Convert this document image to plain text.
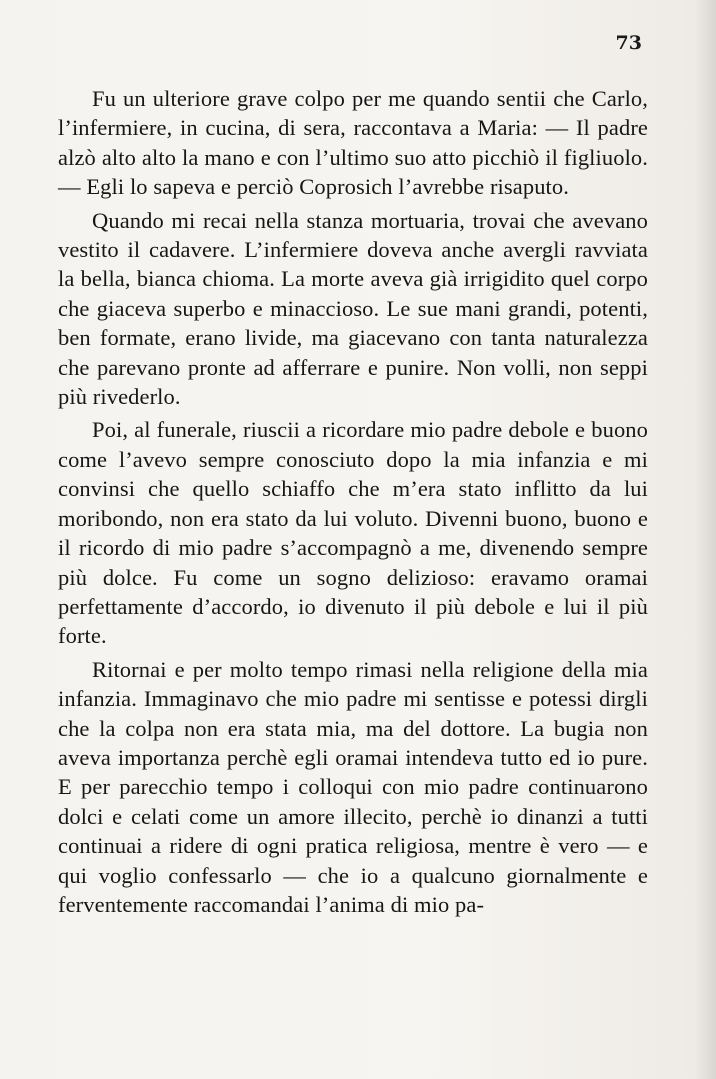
73

Fu un ulteriore grave colpo per me quando sentii che Carlo, l’infermiere, in cucina, di sera, raccontava a Maria: — Il padre alzò alto alto la mano e con l’ultimo suo atto picchiò il figliuolo. — Egli lo sapeva e perciò Coprosich l’avrebbe risaputo.

Quando mi recai nella stanza mortuaria, trovai che avevano vestito il cadavere. L’infermiere doveva anche avergli ravviata la bella, bianca chioma. La morte aveva già irrigidito quel corpo che giaceva superbo e minaccioso. Le sue mani grandi, potenti, ben formate, erano livide, ma giacevano con tanta naturalezza che parevano pronte ad afferrare e punire. Non volli, non seppi più rivederlo.

Poi, al funerale, riuscii a ricordare mio padre debole e buono come l’avevo sempre conosciuto dopo la mia infanzia e mi convinsi che quello schiaffo che m’era stato inflitto da lui moribondo, non era stato da lui voluto. Divenni buono, buono e il ricordo di mio padre s’accompagnò a me, divenendo sempre più dolce. Fu come un sogno delizioso: eravamo oramai perfettamente d’accordo, io divenuto il più debole e lui il più forte.

Ritornai e per molto tempo rimasi nella religione della mia infanzia. Immaginavo che mio padre mi sentisse e potessi dirgli che la colpa non era stata mia, ma del dottore. La bugia non aveva importanza perchè egli oramai intendeva tutto ed io pure. E per parecchio tempo i colloqui con mio padre continuarono dolci e celati come un amore illecito, perchè io dinanzi a tutti continuai a ridere di ogni pratica religiosa, mentre è vero — e qui voglio confessarlo — che io a qualcuno giornalmente e ferventemente raccomandai l’anima di mio pa-
